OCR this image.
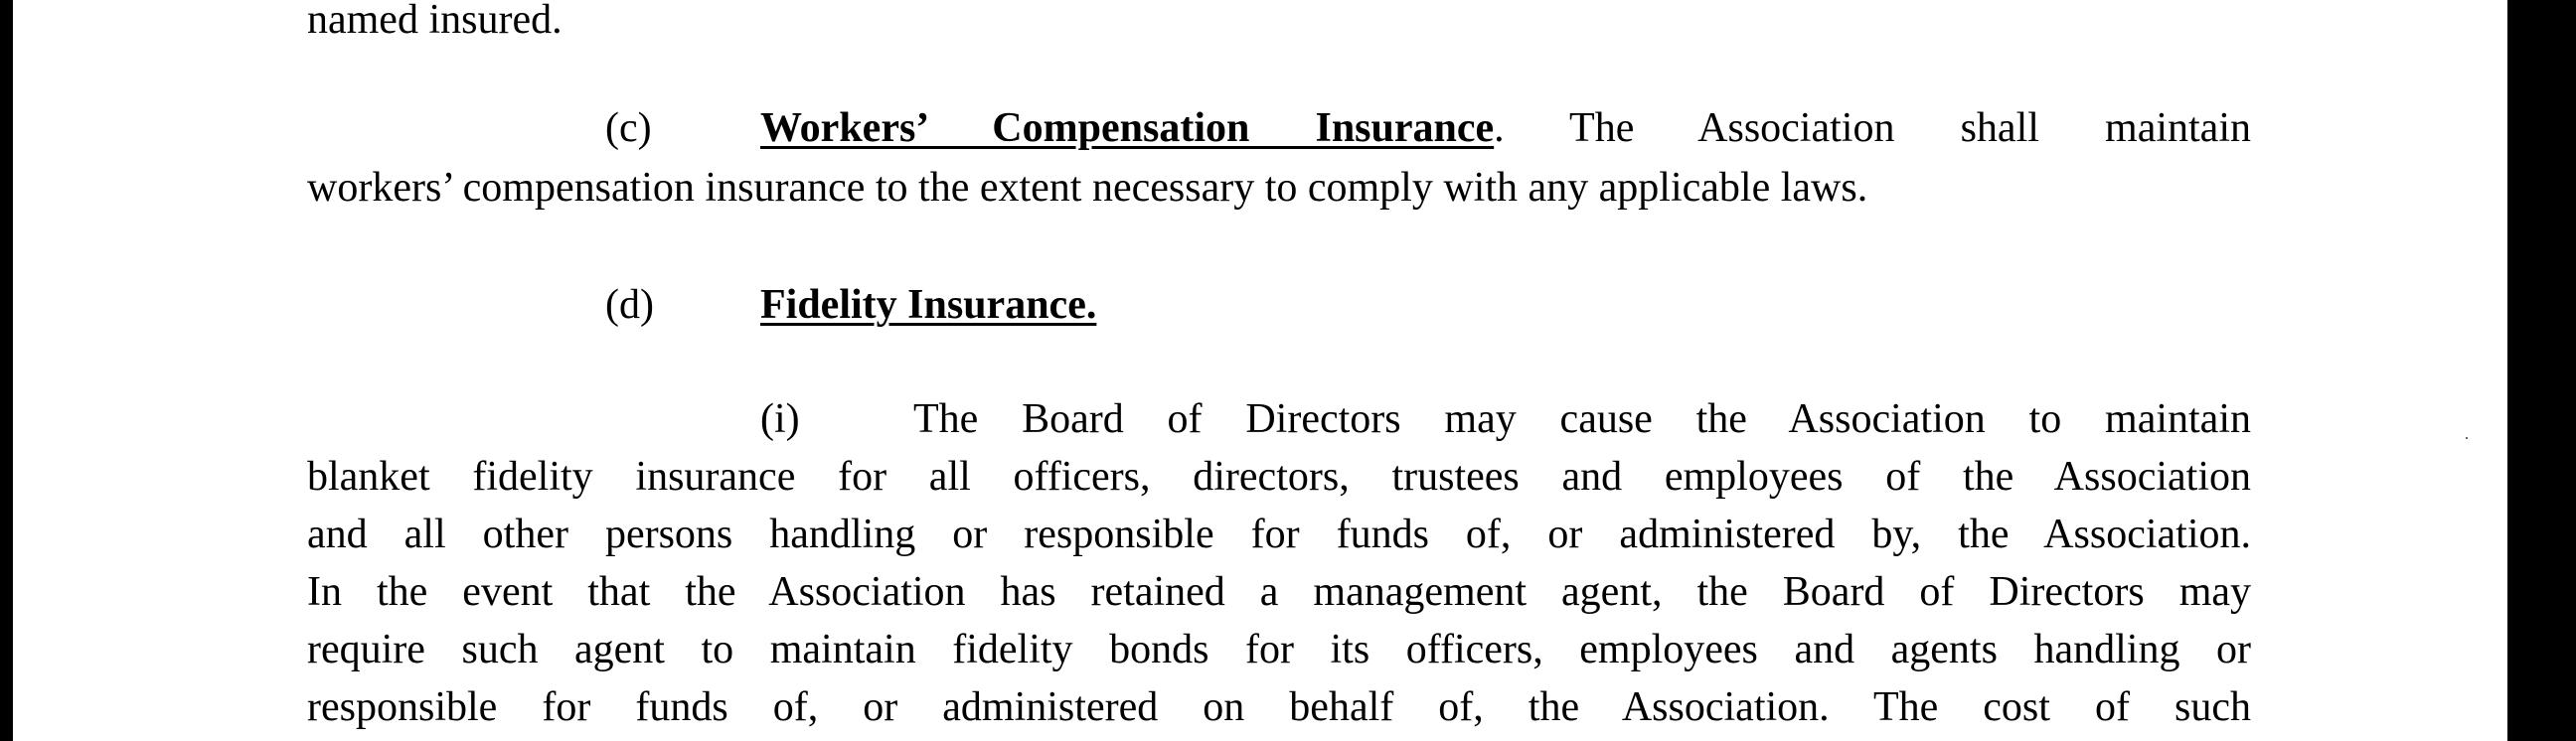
named insured.

(c)	Workers’ Compensation Insurance. The Association shall maintain

workers’ compensation insurance to the extent necessary to comply with any applicable laws.

(d)	Fidelity Insurance.

(i)	The Board of Directors may cause the Association to maintain

blanket fidelity insurance for all officers, directors, trustees and employees of the Association

and all other persons handling or responsible for funds of, or administered by, the Association.

In the event that the Association has retained a management agent, the Board of Directors may

require such agent to maintain fidelity bonds for its officers, employees and agents handling or

responsible for funds of, or administered on behalf of, the Association. The cost of such
